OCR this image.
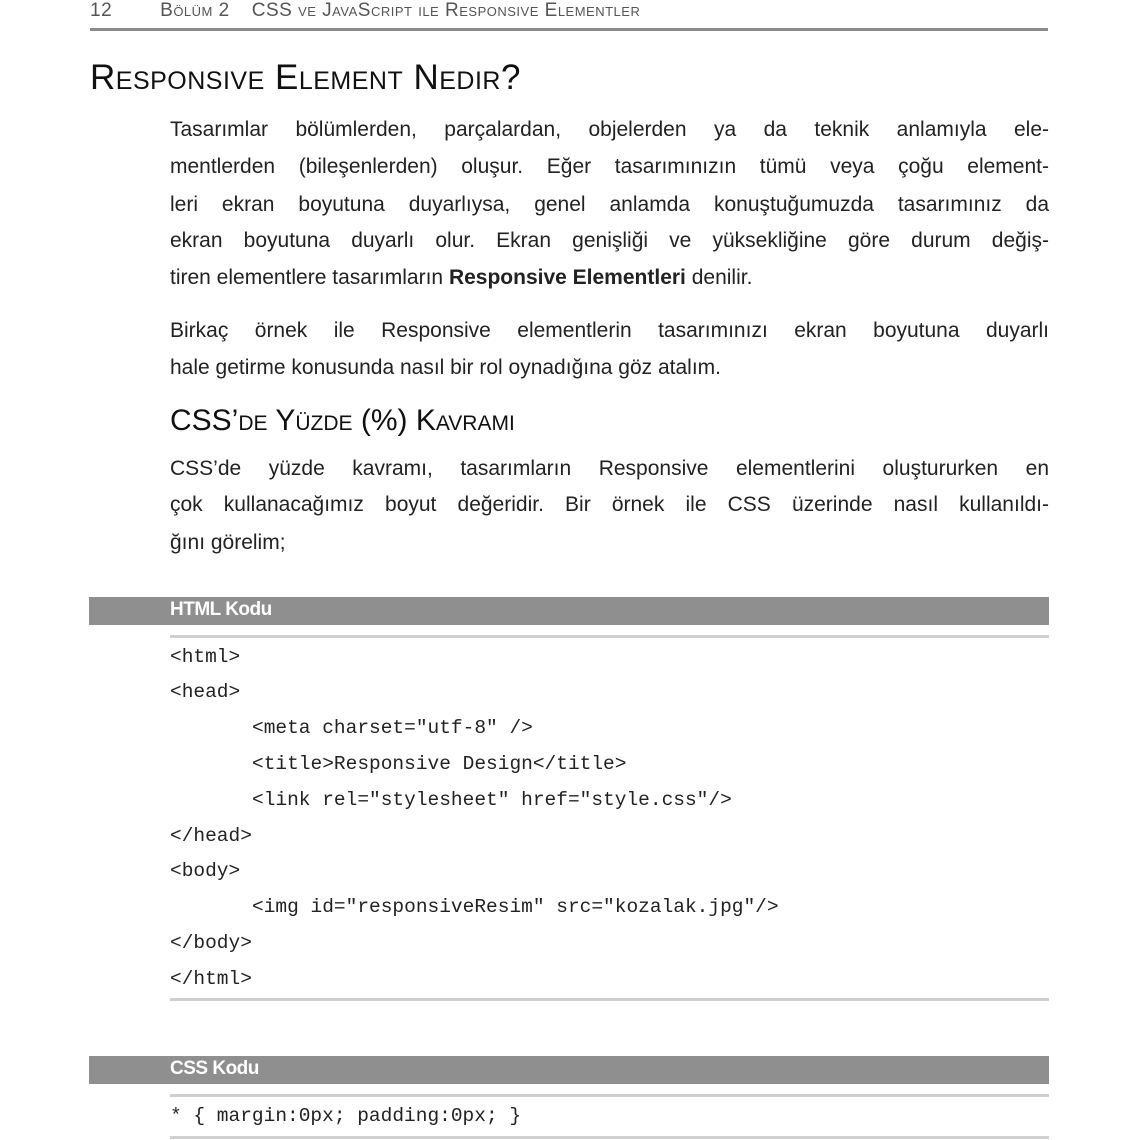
12	Bölüm 2 CSS ve JavaScript ile Responsive Elementler
Responsive Element Nedir?
Tasarımlar bölümlerden, parçalardan, objelerden ya da teknik anlamıyla ele-
mentlerden (bileşenlerden) oluşur. Eğer tasarımınızın tümü veya çoğu element-
leri ekran boyutuna duyarlıysa, genel anlamda konuştuğumuzda tasarımınız da
ekran boyutuna duyarlı olur. Ekran genişliği ve yüksekliğine göre durum değiş-
tiren elementlere tasarımların Responsive Elementleri denilir.
Birkaç örnek ile Responsive elementlerin tasarımınızı ekran boyutuna duyarlı
hale getirme konusunda nasıl bir rol oynadığına göz atalım.
CSS’de Yüzde (%) Kavramı
CSS’de yüzde kavramı, tasarımların Responsive elementlerini oluştururken en
çok kullanacağımız boyut değeridir. Bir örnek ile CSS üzerinde nasıl kullanıldı-
ğını görelim;
HTML Kodu
<html>
<head>
<meta charset="utf-8" />
<title>Responsive Design</title>
<link rel="stylesheet" href="style.css"/>
</head>
<body>
<img id="responsiveResim" src="kozalak.jpg"/>
</body>
</html>
CSS Kodu
* { margin:0px; padding:0px; }
